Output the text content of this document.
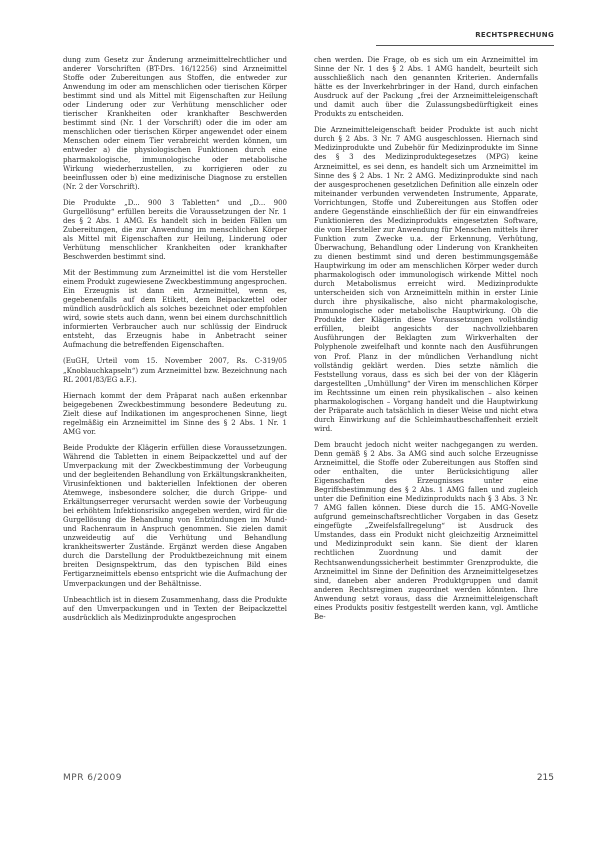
RECHTSPRECHUNG

dung zum Gesetz zur Änderung arzneimittelrechtlicher und anderer Vorschriften (BT-Drs. 16/12256) sind Arzneimittel Stoffe oder Zubereitungen aus Stoffen, die entweder zur Anwendung im oder am menschlichen oder tierischen Körper bestimmt sind und als Mittel mit Eigenschaften zur Heilung oder Linderung oder zur Verhütung menschlicher oder tierischer Krankheiten oder krankhafter Beschwerden bestimmt sind (Nr. 1 der Vorschrift) oder die im oder am menschlichen oder tierischen Körper angewendet oder einem Menschen oder einem Tier verabreicht werden können, um entweder a) die physiologischen Funktionen durch eine pharmakologische, immunologische oder metabolische Wirkung wiederherzustellen, zu korrigieren oder zu beeinflussen oder b) eine medizinische Diagnose zu erstellen (Nr. 2 der Vorschrift).

Die Produkte „D... 900 3 Tabletten“ und „D... 900 Gurgellösung“ erfüllen bereits die Voraussetzungen der Nr. 1 des § 2 Abs. 1 AMG. Es handelt sich in beiden Fällen um Zubereitungen, die zur Anwendung im menschlichen Körper als Mittel mit Eigenschaften zur Heilung, Linderung oder Verhütung menschlicher Krankheiten oder krankhafter Beschwerden bestimmt sind.

Mit der Bestimmung zum Arzneimittel ist die vom Hersteller einem Produkt zugewiesene Zweckbestimmung angesprochen. Ein Erzeugnis ist dann ein Arzneimittel, wenn es, gegebenenfalls auf dem Etikett, dem Beipackzettel oder mündlich ausdrücklich als solches bezeichnet oder empfohlen wird, sowie stets auch dann, wenn bei einem durchschnittlich informierten Verbraucher auch nur schlüssig der Eindruck entsteht, das Erzeugnis habe in Anbetracht seiner Aufmachung die betreffenden Eigenschaften.

(EuGH, Urteil vom 15. November 2007, Rs. C-319/05 „Knoblauchkapseln“) zum Arzneimittel bzw. Bezeichnung nach RL 2001/83/EG a.F.).

Hiernach kommt der dem Präparat nach außen erkennbar beigegebenen Zweckbestimmung besondere Bedeutung zu. Zielt diese auf Indikationen im angesprochenen Sinne, liegt regelmäßig ein Arzneimittel im Sinne des § 2 Abs. 1 Nr. 1 AMG vor.

Beide Produkte der Klägerin erfüllen diese Voraussetzungen. Während die Tabletten in einem Beipackzettel und auf der Umverpackung mit der Zweckbestimmung der Vorbeugung und der begleitenden Behandlung von Erkältungskrankheiten, Virusinfektionen und bakteriellen Infektionen der oberen Atemwege, insbesondere solcher, die durch Grippe- und Erkältungserreger verursacht werden sowie der Vorbeugung bei erhöhtem Infektionsrisiko angegeben werden, wird für die Gurgellösung die Behandlung von Entzündungen im Mund- und Rachenraum in Anspruch genommen. Sie zielen damit unzweideutig auf die Verhütung und Behandlung krankheitswerter Zustände. Ergänzt werden diese Angaben durch die Darstellung der Produktbezeichnung mit einem breiten Designspektrum, das den typischen Bild eines Fertigarzneimittels ebenso entspricht wie die Aufmachung der Umverpackungen und der Behältnisse.

Unbeachtlich ist in diesem Zusammenhang, dass die Produkte auf den Umverpackungen und in Texten der Beipackzettel ausdrücklich als Medizinprodukte angesprochen

chen werden. Die Frage, ob es sich um ein Arzneimittel im Sinne der Nr. 1 des § 2 Abs. 1 AMG handelt, beurteilt sich ausschließlich nach den genannten Kriterien. Andernfalls hätte es der Inverkehrbringer in der Hand, durch einfachen Ausdruck auf der Packung „frei der Arzneimitteleigenschaft und damit auch über die Zulassungsbedürftigkeit eines Produkts zu entscheiden.

Die Arzneimitteleigenschaft beider Produkte ist auch nicht durch § 2 Abs. 3 Nr. 7 AMG ausgeschlossen. Hiernach sind Medizinprodukte und Zubehör für Medizinprodukte im Sinne des § 3 des Medizinproduktegesetzes (MPG) keine Arzneimittel, es sei denn, es handelt sich um Arzneimittel im Sinne des § 2 Abs. 1 Nr. 2 AMG. Medizinprodukte sind nach der ausgesprochenen gesetzlichen Definition alle einzeln oder miteinander verbunden verwendeten Instrumente, Apparate, Vorrichtungen, Stoffe und Zubereitungen aus Stoffen oder andere Gegenstände einschließlich der für ein einwandfreies Funktionieren des Medizinprodukts eingesetzten Software, die vom Hersteller zur Anwendung für Menschen mittels ihrer Funktion zum Zwecke u.a. der Erkennung, Verhütung, Überwachung, Behandlung oder Linderung von Krankheiten zu dienen bestimmt sind und deren bestimmungsgemäße Hauptwirkung im oder am menschlichen Körper weder durch pharmakologisch oder immunologisch wirkende Mittel noch durch Metabolismus erreicht wird. Medizinprodukte unterscheiden sich von Arzneimitteln mithin in erster Linie durch ihre physikalische, also nicht pharmakologische, immunologische oder metabolische Hauptwirkung. Ob die Produkte der Klägerin diese Voraussetzungen vollständig erfüllen, bleibt angesichts der nachvollziehbaren Ausführungen der Beklagten zum Wirkverhalten der Polyphenole zweifelhaft und konnte nach den Ausführungen von Prof. Planz in der mündlichen Verhandlung nicht vollständig geklärt werden. Dies setzte nämlich die Feststellung voraus, dass es sich bei der von der Klägerin dargestellten „Umhüllung“ der Viren im menschlichen Körper im Rechtssinne um einen rein physikalischen – also keinen pharmakologischen – Vorgang handelt und die Hauptwirkung der Präparate auch tatsächlich in dieser Weise und nicht etwa durch Einwirkung auf die Schleimhautbeschaffenheit erzielt wird.

Dem braucht jedoch nicht weiter nachgegangen zu werden. Denn gemäß § 2 Abs. 3a AMG sind auch solche Erzeugnisse Arzneimittel, die Stoffe oder Zubereitungen aus Stoffen sind oder enthalten, die unter Berücksichtigung aller Eigenschaften des Erzeugnisses unter eine Begriffsbestimmung des § 2 Abs. 1 AMG fallen und zugleich unter die Definition eine Medizinprodukts nach § 3 Abs. 3 Nr. 7 AMG fallen können. Diese durch die 15. AMG-Novelle aufgrund gemeinschaftsrechtlicher Vorgaben in das Gesetz eingefügte „Zweifelsfallregelung“ ist Ausdruck des Umstandes, dass ein Produkt nicht gleichzeitig Arzneimittel und Medizinprodukt sein kann. Sie dient der klaren rechtlichen Zuordnung und damit der Rechtsanwendungssicherheit bestimmter Grenzprodukte, die Arzneimittel im Sinne der Definition des Arzneimittelgesetzes sind, daneben aber anderen Produktgruppen und damit anderen Rechtsregimen zugeordnet werden könnten. Ihre Anwendung setzt voraus, dass die Arzneimitteleigenschaft eines Produkts positiv festgestellt werden kann, vgl. Amtliche Be-

MPR 6/2009	215
